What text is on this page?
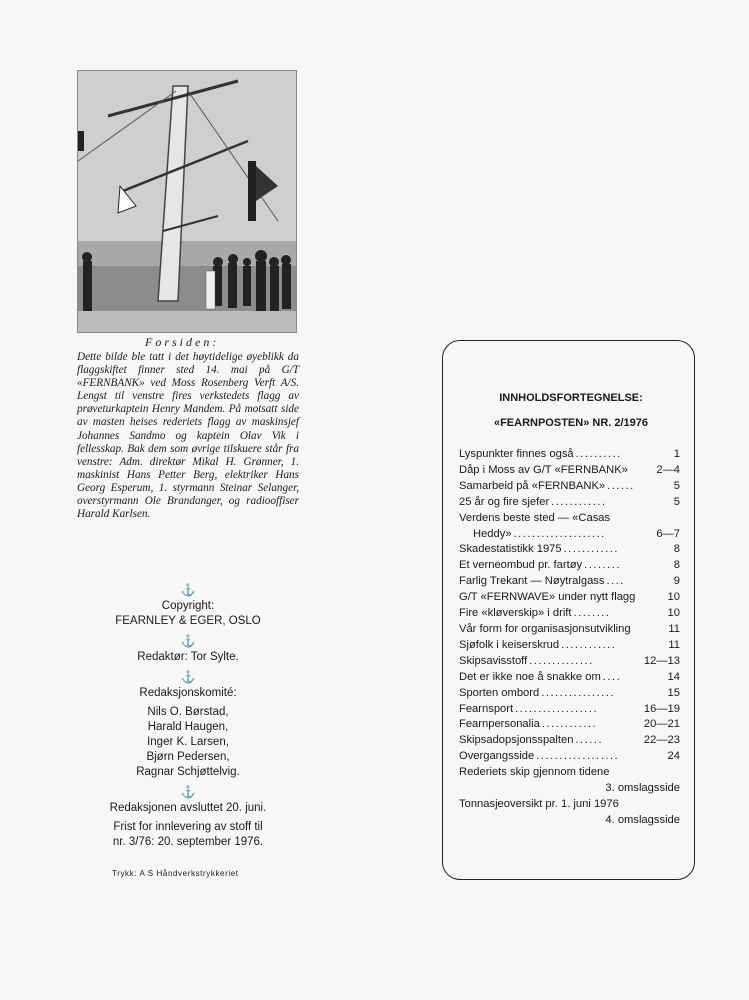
Forsiden:

Dette bilde ble tatt i det høytidelige øyeblikk da flaggskiftet finner sted 14. mai på G/T «FERNBANK» ved Moss Rosenberg Verft A/S. Lengst til venstre fires verkstedets flagg av prøveturkaptein Henry Mandem. På motsatt side av masten heises rederiets flagg av maskinsjef Johannes Sandmo og kaptein Olav Vik i fellesskap. Bak dem som øvrige tilskuere står fra venstre: Adm. direktør Mikal H. Grønner, 1. maskinist Hans Petter Berg, elektriker Hans Georg Esperum, 1. styrmann Steinar Selanger, overstyrmann Ole Brandanger, og radiooffiser Harald Karlsen.

⚓
Copyright:
FEARNLEY & EGER, OSLO
⚓
Redaktør: Tor Sylte.
⚓
Redaksjonskomité:
Nils O. Børstad,
Harald Haugen,
Inger K. Larsen,
Bjørn Pedersen,
Ragnar Schjøttelvig.
⚓
Redaksjonen avsluttet 20. juni.
Frist for innlevering av stoff til
nr. 3/76: 20. september 1976.
Trykk: A S Håndverkstrykkeriet
INNHOLDSFORTEGNELSE:
«FEARNPOSTEN» NR. 2/1976
Lyspunkter finnes også ..........	1
Dåp i Moss av G/T «FERNBANK»	2—4
Samarbeid på «FERNBANK» ......	5
25 år og fire sjefer ............	5
Verdens beste sted — «Casas
Heddy» ....................	6—7
Skadestatistikk 1975 ............	8
Et verneombud pr. fartøy ........	8
Farlig Trekant — Nøytralgass ....	9
G/T «FERNWAVE» under nytt flagg	10
Fire «kløverskip» i drift ........	10
Vår form for organisasjonsutvikling	11
Sjøfolk i keiserskrud ............	11
Skipsavisstoff ..............	12—13
Det er ikke noe å snakke om ....	14
Sporten ombord ................	15
Fearnsport ..................	16—19
Fearnpersonalia ............	20—21
Skipsadopsjonsspalten ......	22—23
Overgangsside ..................	24
Rederiets skip gjennom tidene
3. omslagsside
Tonnasjeoversikt pr. 1. juni 1976
4. omslagsside
